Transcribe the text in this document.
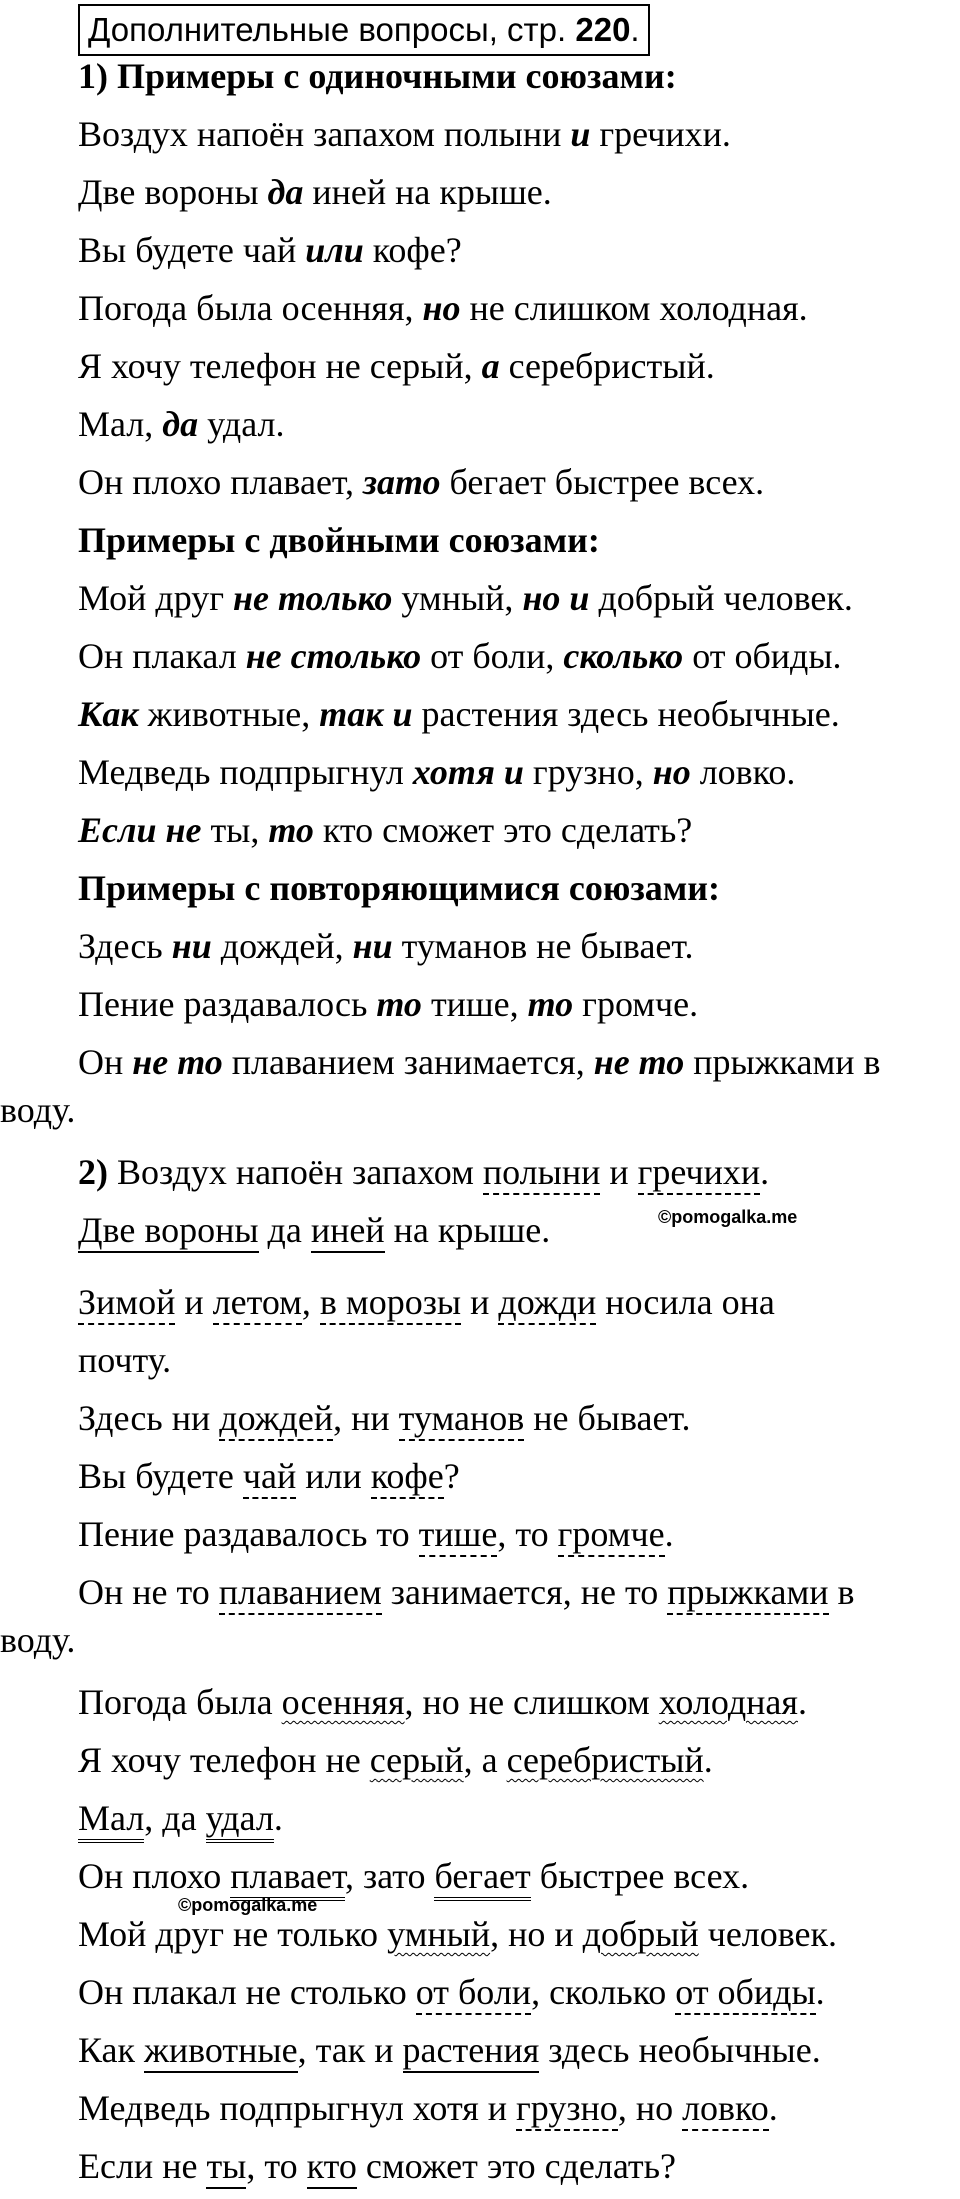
Дополнительные вопросы, стр. 220.
1) Примеры с одиночными союзами:
Воздух напоён запахом полыни и гречихи.
Две вороны да иней на крыше.
Вы будете чай или кофе?
Погода была осенняя, но не слишком холодная.
Я хочу телефон не серый, а серебристый.
Мал, да удал.
Он плохо плавает, зато бегает быстрее всех.
Примеры с двойными союзами:
Мой друг не только умный, но и добрый человек.
Он плакал не столько от боли, сколько от обиды.
Как животные, так и растения здесь необычные.
Медведь подпрыгнул хотя и грузно, но ловко.
Если не ты, то кто сможет это сделать?
Примеры с повторяющимися союзами:
Здесь ни дождей, ни туманов не бывает.
Пение раздавалось то тише, то громче.
Он не то плаванием занимается, не то прыжками в
воду.
2) Воздух напоён запахом полыни и гречихи.
©pomogalka.me
Две вороны да иней на крыше.
Зимой и летом, в морозы и дожди носила она
почту.
Здесь ни дождей, ни туманов не бывает.
Вы будете чай или кофе?
Пение раздавалось то тише, то громче.
Он не то плаванием занимается, не то прыжками в
воду.
Погода была осенняя, но не слишком холодная.
Я хочу телефон не серый, а серебристый.
Мал, да удал.
Он плохо плавает, зато бегает быстрее всех.
©pomogalka.me
Мой друг не только умный, но и добрый человек.
Он плакал не столько от боли, сколько от обиды.
Как животные, так и растения здесь необычные.
Медведь подпрыгнул хотя и грузно, но ловко.
Если не ты, то кто сможет это сделать?
